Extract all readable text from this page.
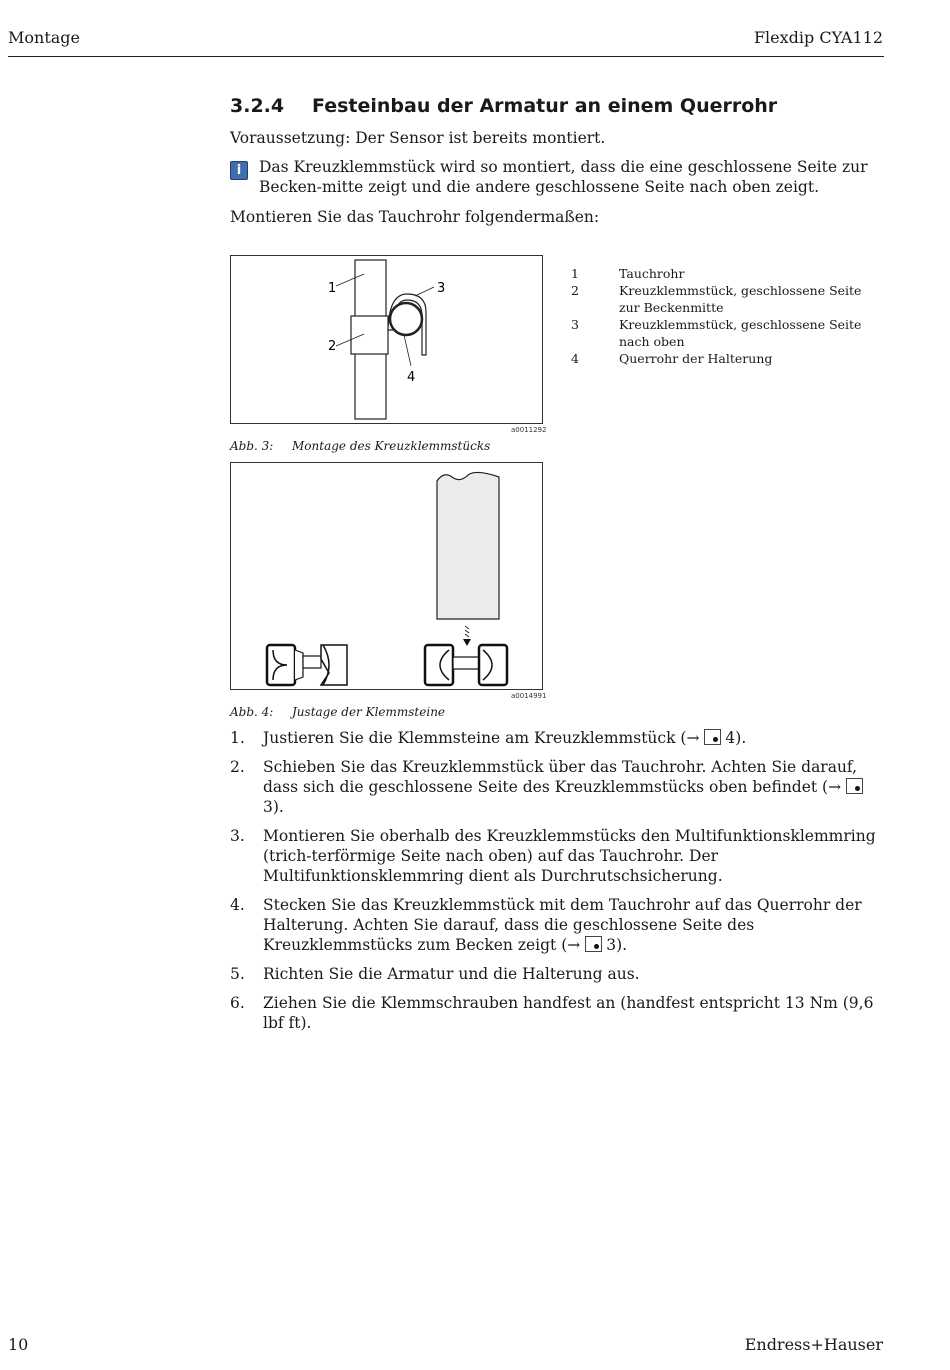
Montage	Flexdip CYA112
3.2.4 Festeinbau der Armatur an einem Querrohr
Voraussetzung: Der Sensor ist bereits montiert.
i	Das Kreuzklemmstück wird so montiert, dass die eine geschlossene Seite zur Becken-mitte zeigt und die andere geschlossene Seite nach oben zeigt.
Montieren Sie das Tauchrohr folgendermaßen:
1
2
3
4
a0011292
Abb. 3: Montage des Kreuzklemmstücks
1	Tauchrohr
2	Kreuzklemmstück, geschlossene Seite zur Beckenmitte
3	Kreuzklemmstück, geschlossene Seite nach oben
4	Querrohr der Halterung
a0014991
Abb. 4: Justage der Klemmsteine
1.	Justieren Sie die Klemmsteine am Kreuzklemmstück (→ 4).
2.	Schieben Sie das Kreuzklemmstück über das Tauchrohr. Achten Sie darauf, dass sich die geschlossene Seite des Kreuzklemmstücks oben befindet (→ 3).
3.	Montieren Sie oberhalb des Kreuzklemmstücks den Multifunktionsklemmring (trich-terförmige Seite nach oben) auf das Tauchrohr. Der Multifunktionsklemmring dient als Durchrutschsicherung.
4.	Stecken Sie das Kreuzklemmstück mit dem Tauchrohr auf das Querrohr der Halterung. Achten Sie darauf, dass die geschlossene Seite des Kreuzklemmstücks zum Becken zeigt (→ 3).
5.	Richten Sie die Armatur und die Halterung aus.
6.	Ziehen Sie die Klemmschrauben handfest an (handfest entspricht 13 Nm (9,6 lbf ft).
10	Endress+Hauser
